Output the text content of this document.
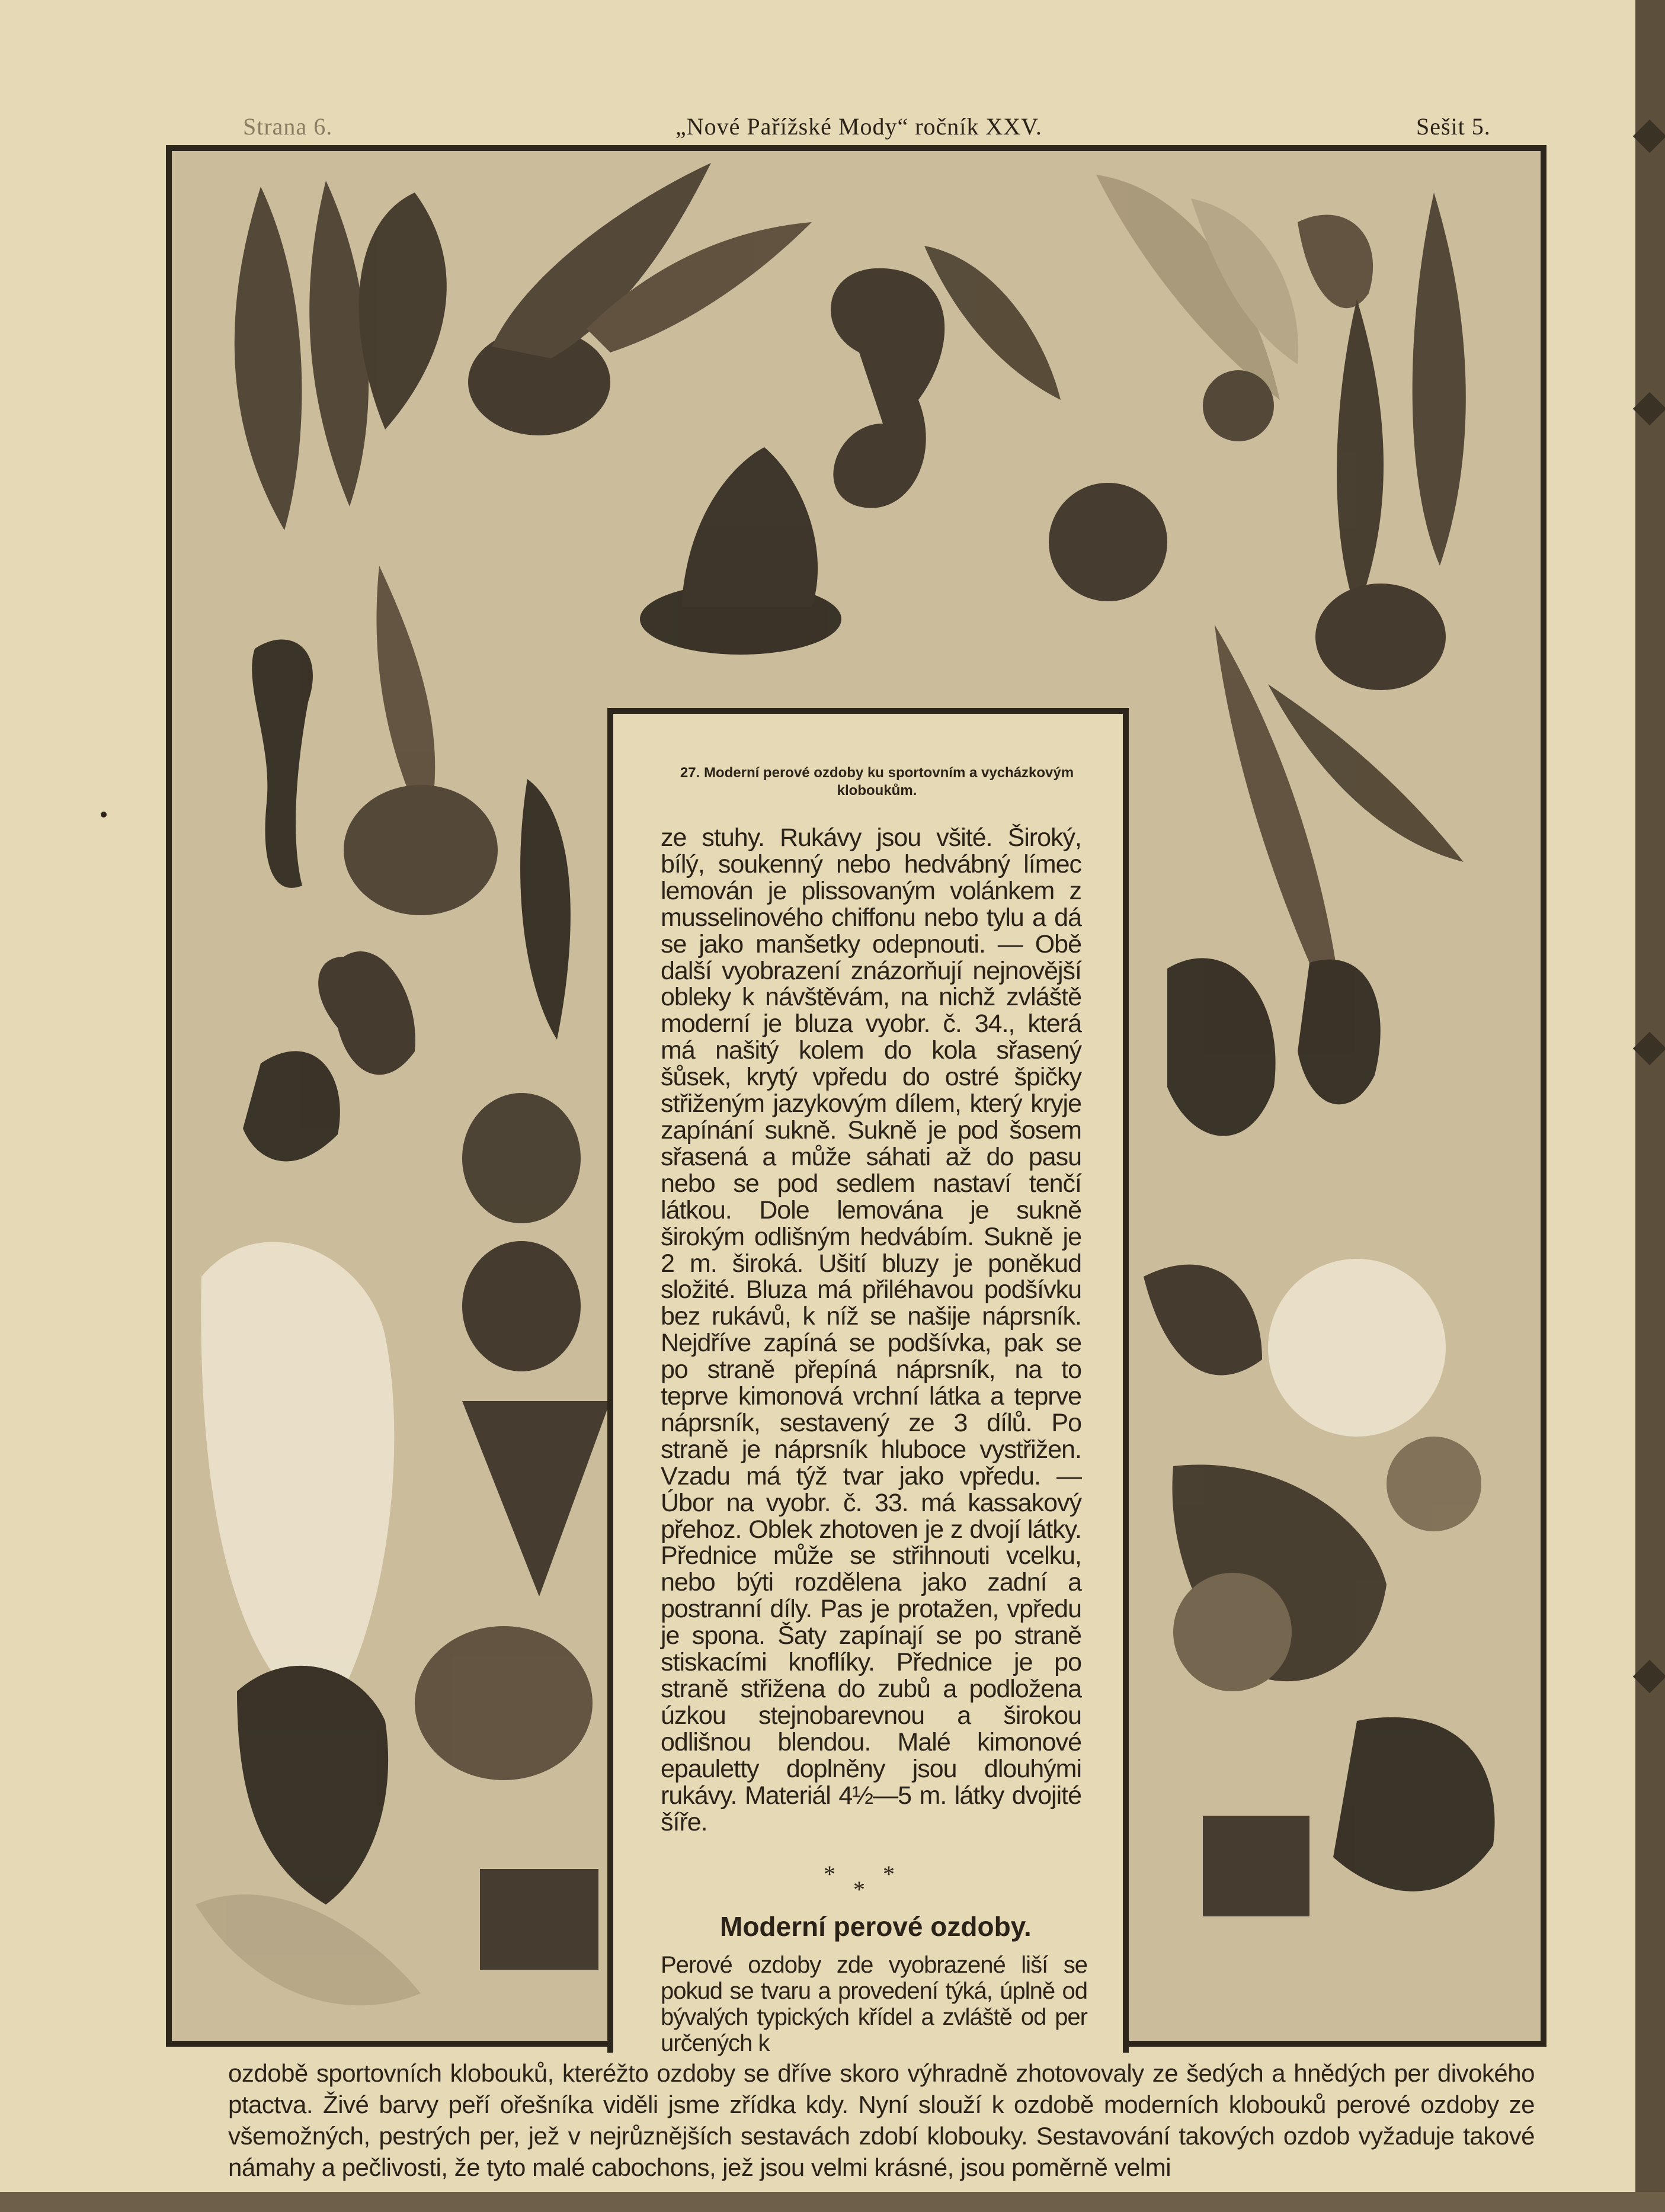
Strana 6.	„Nové Pařížské Mody“ ročník XXV.	Sešit 5.
27. Moderní perové ozdoby ku sportovním a vycházkovým kloboukům.
ze stuhy. Rukávy jsou všité. Široký, bílý, soukenný nebo hedvábný límec lemován je plissovaným volánkem z musselinového chiffonu nebo tylu a dá se jako manšetky odepnouti. — Obě další vyobrazení znázorňují nejnovější obleky k návštěvám, na nichž zvláště moderní je bluza vyobr. č. 34., která má našitý kolem do kola sřasený šůsek, krytý vpředu do ostré špičky střiženým jazykovým dílem, který kryje zapínání sukně. Sukně je pod šosem sřasená a může sáhati až do pasu nebo se pod sedlem nastaví tenčí látkou. Dole lemována je sukně širokým odlišným hedvábím. Sukně je 2 m. široká. Ušití bluzy je poněkud složité. Bluza má přiléhavou podšívku bez rukávů, k níž se našije náprsník. Nejdříve zapíná se podšívka, pak se po straně přepíná náprsník, na to teprve kimonová vrchní látka a teprve náprsník, sestavený ze 3 dílů. Po straně je náprsník hluboce vystřižen. Vzadu má týž tvar jako vpředu. — Úbor na vyobr. č. 33. má kassakový přehoz. Oblek zhotoven je z dvojí látky. Přednice může se střihnouti vcelku, nebo býti rozdělena jako zadní a postranní díly. Pas je protažen, vpředu je spona. Šaty zapínají se po straně stiskacími knoflíky. Přednice je po straně střižena do zubů a podložena úzkou stejnobarevnou a širokou odlišnou blendou. Malé kimonové epauletty doplněny jsou dlouhými rukávy. Materiál 4½—5 m. látky dvojité šíře.
* *
*
Moderní perové ozdoby.
Perové ozdoby zde vyobrazené liší se pokud se tvaru a provedení týká, úplně od bývalých typických křídel a zvláště od per určených k
ozdobě sportovních klobouků, kteréžto ozdoby se dříve skoro výhradně zhotovovaly ze šedých a hnědých per divokého ptactva. Živé barvy peří ořešníka viděli jsme zřídka kdy. Nyní slouží k ozdobě moderních klobouků perové ozdoby ze všemožných, pestrých per, jež v nejrůznějších sestavách zdobí klobouky. Sestavování takových ozdob vyžaduje takové námahy a pečlivosti, že tyto malé cabochons, jež jsou velmi krásné, jsou poměrně velmi
